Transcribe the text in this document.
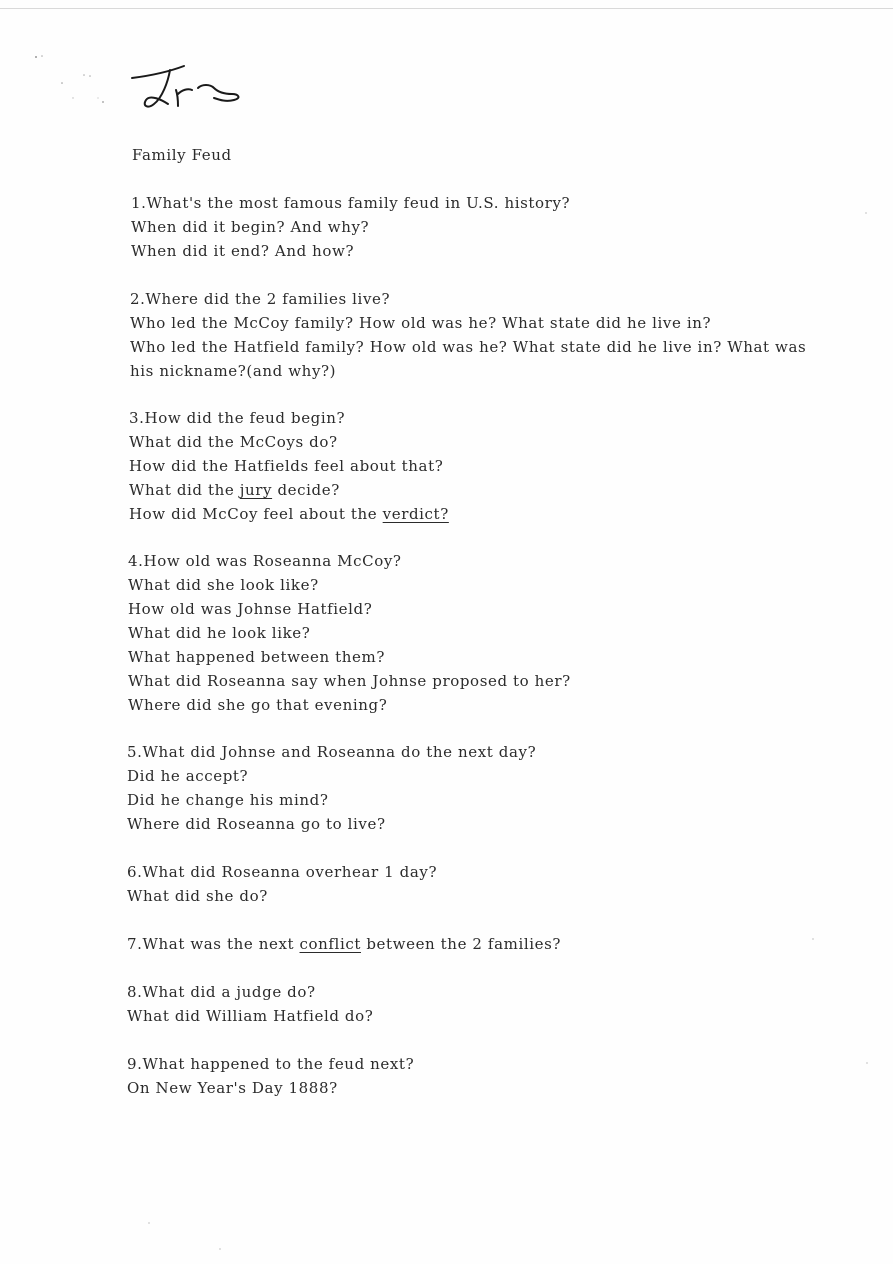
Family Feud
1.What's the most famous family feud in U.S. history?
When did it begin? And why?
When did it end? And how?
2.Where did the 2 families live?
Who led the McCoy family? How old was he? What state did he live in?
Who led the Hatfield family? How old was he? What state did he live in? What was
his nickname?(and why?)
3.How did the feud begin?
What did the McCoys do?
How did the Hatfields feel about that?
What did the jury decide?
How did McCoy feel about the verdict?
4.How old was Roseanna McCoy?
What did she look like?
How old was Johnse Hatfield?
What did he look like?
What happened between them?
What did Roseanna say when Johnse proposed to her?
Where did she go that evening?
5.What did Johnse and Roseanna do the next day?
Did he accept?
Did he change his mind?
Where did Roseanna go to live?
6.What did Roseanna overhear 1 day?
What did she do?
7.What was the next conflict between the 2 families?
8.What did a judge do?
What did William Hatfield do?
9.What happened to the feud next?
On New Year's Day 1888?
